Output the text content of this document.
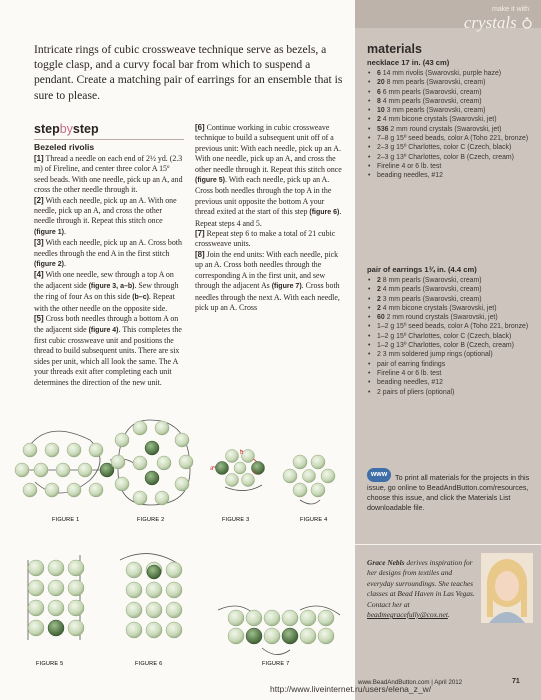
make it with
crystals
materials
necklace 17 in. (43 cm)
• 6 14 mm rivolis (Swarovski, purple haze)
• 20 8 mm pearls (Swarovski, cream)
• 6 6 mm pearls (Swarovski, cream)
• 8 4 mm pearls (Swarovski, cream)
• 10 3 mm pearls (Swarovski, cream)
• 2 4 mm bicone crystals (Swarovski, jet)
• 536 2 mm round crystals (Swarovski, jet)
• 7–8 g 15º seed beads, color A (Toho 221, bronze)
• 2–3 g 15º Charlottes, color C (Czech, black)
• 2–3 g 13º Charlottes, color B (Czech, cream)
• Fireline 4 or 6 lb. test
• beading needles, #12
pair of earrings 1¾ in. (4.4 cm)
• 2 8 mm pearls (Swarovski, cream)
• 2 4 mm pearls (Swarovski, cream)
• 2 3 mm pearls (Swarovski, cream)
• 2 4 mm bicone crystals (Swarovski, jet)
• 60 2 mm round crystals (Swarovski, jet)
• 1–2 g 15º seed beads, color A (Toho 221, bronze)
• 1–2 g 15º Charlottes, color C (Czech, black)
• 1–2 g 13º Charlottes, color B (Czech, cream)
• 2 3 mm soldered jump rings (optional)
• pair of earring findings
• Fireline 4 or 6 lb. test
• beading needles, #12
• 2 pairs of pliers (optional)
www	To print all materials for the projects in this issue, go online to BeadAndButton.com/resources, choose this issue, and click the Materials List downloadable file.
Grace Nebls derives inspiration for her designs from textiles and everyday surroundings. She teaches classes at Bead Haven in Las Vegas. Contact her at beadmegracefully@cox.net.
www.BeadAndButton.com | April 2012	71
Intricate rings of cubic crossweave technique serve as bezels, a toggle clasp, and a curvy focal bar from which to suspend a pendant. Create a matching pair of earrings for an ensemble that is sure to please.
stepbystep
Bezeled rivolis

[1] Thread a needle on each end of 2½ yd. (2.3 m) of Fireline, and center three color A 15º seed beads. With one needle, pick up an A, and cross the other needle through it.

[2] With each needle, pick up an A. With one needle, pick up an A, and cross the other needle through it. Repeat this stitch once (figure 1).

[3] With each needle, pick up an A. Cross both needles through the end A in the first stitch (figure 2).

[4] With one needle, sew through a top A on the adjacent side (figure 3, a–b). Sew through the ring of four As on this side (b–c). Repeat with the other needle on the opposite side.

[5] Cross both needles through a bottom A on the adjacent side (figure 4). This completes the first cubic crossweave unit and positions the thread to build subsequent units. There are six sides per unit, which all look the same. The A your threads exit after completing each unit determines the direction of the new unit.

[6] Continue working in cubic crossweave technique to build a subsequent unit off of a previous unit: With each needle, pick up an A. With one needle, pick up an A, and cross the other needle through it. Repeat this stitch once (figure 5). With each needle, pick up an A. Cross both needles through the top A in the previous unit opposite the bottom A your thread exited at the start of this step (figure 6). Repeat steps 4 and 5.

[7] Repeat step 6 to make a total of 21 cubic crossweave units.

[8] Join the end units: With each needle, pick up an A. Cross both needles through the corresponding A in the first unit, and sew through the adjacent As (figure 7). Cross both needles through the next A. With each needle, pick up an A. Cross

FIGURE 1	FIGURE 2
a
b
c
FIGURE 3	FIGURE 4
FIGURE 5	FIGURE 6	FIGURE 7
http://www.liveinternet.ru/users/elena_z_w/
